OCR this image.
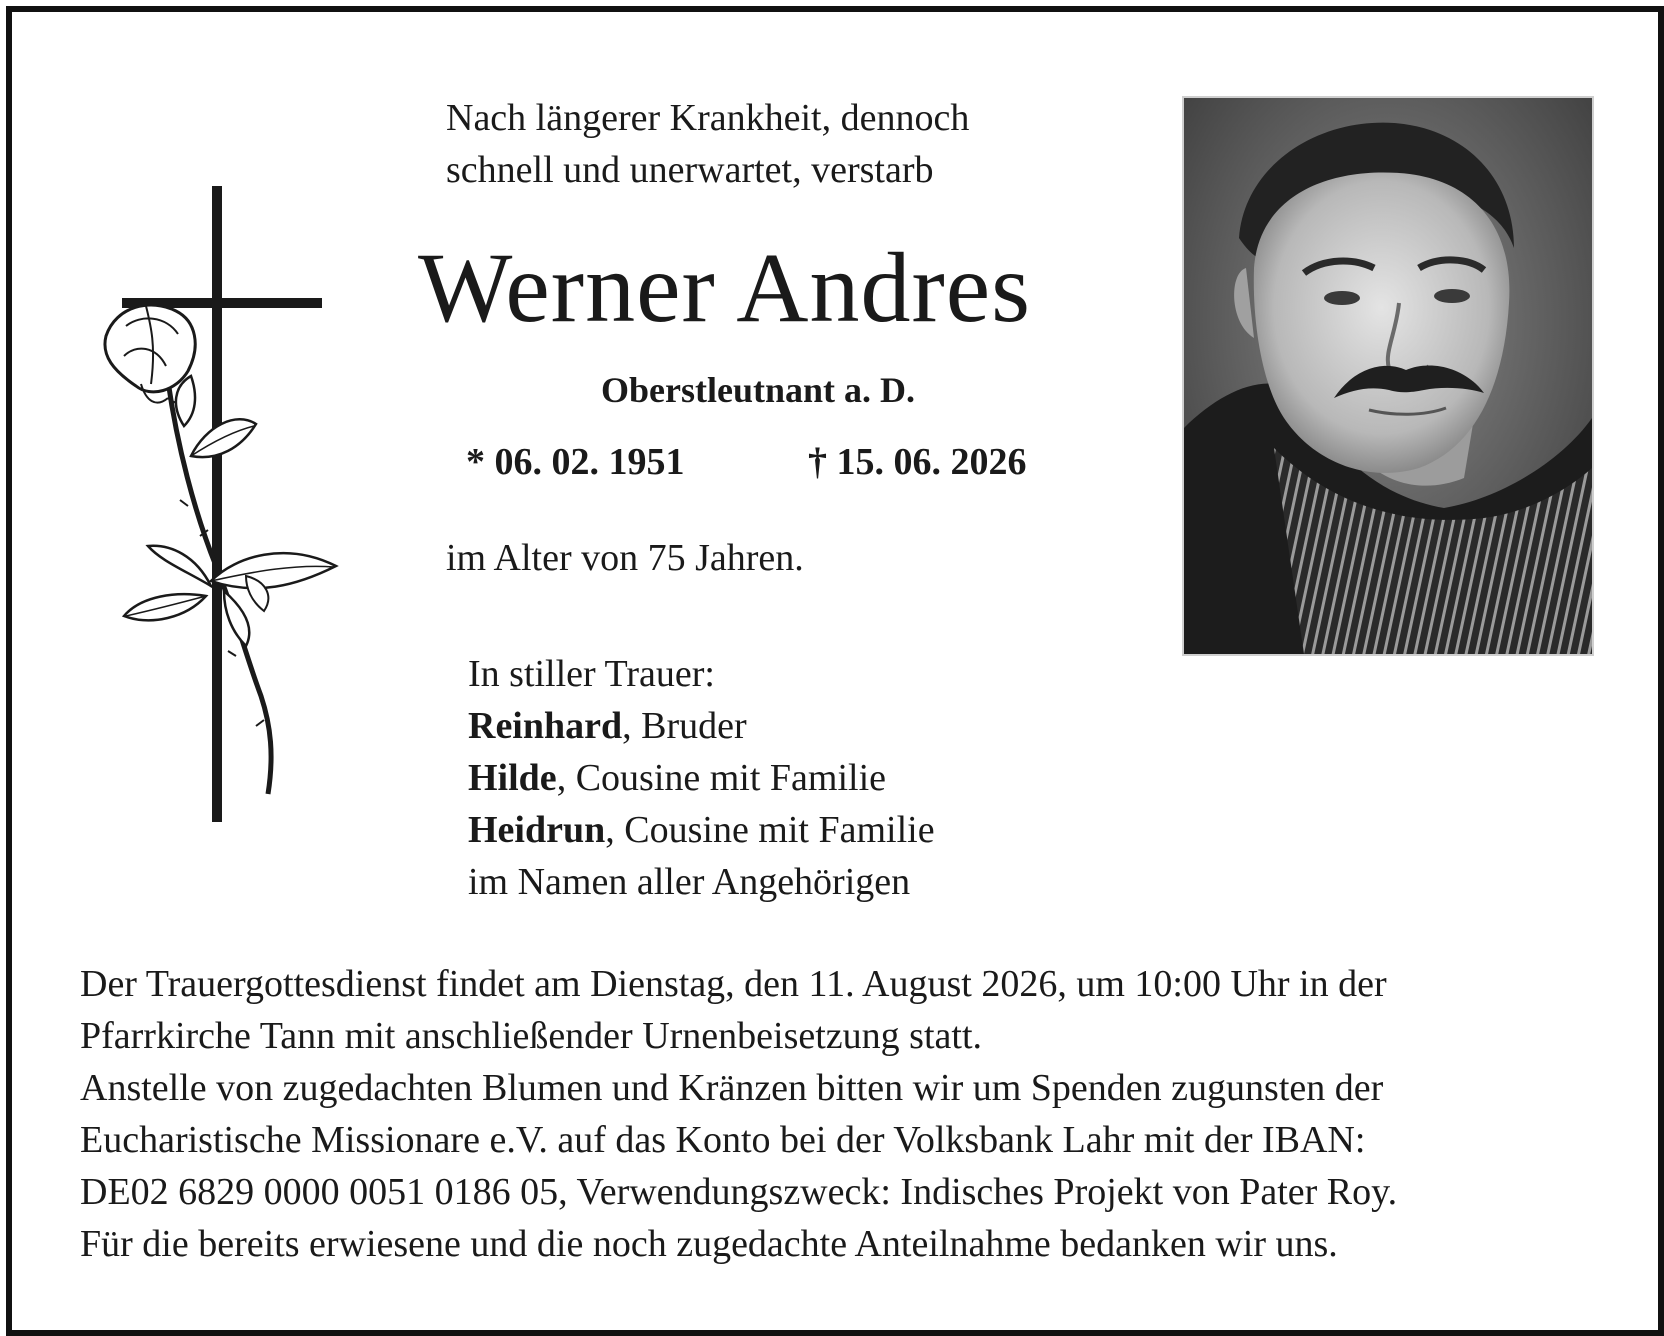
Nach längerer Krankheit, dennoch
schnell und unerwartet, verstarb
Werner Andres
Oberstleutnant a. D.
* 06. 02. 1951	† 15. 06. 2026
im Alter von 75 Jahren.
In stiller Trauer:
Reinhard, Bruder
Hilde, Cousine mit Familie
Heidrun, Cousine mit Familie
im Namen aller Angehörigen
Der Trauergottesdienst findet am Dienstag, den 11. August 2026, um 10:00 Uhr in der
Pfarrkirche Tann mit anschließender Urnenbeisetzung statt.
Anstelle von zugedachten Blumen und Kränzen bitten wir um Spenden zugunsten der
Eucharistische Missionare e.V. auf das Konto bei der Volksbank Lahr mit der IBAN:
DE02 6829 0000 0051 0186 05, Verwendungszweck: Indisches Projekt von Pater Roy.
Für die bereits erwiesene und die noch zugedachte Anteilnahme bedanken wir uns.
